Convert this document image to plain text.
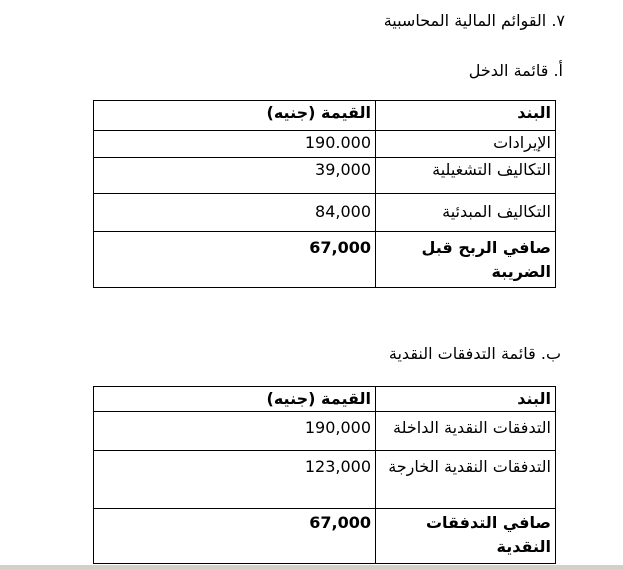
٧. القوائم المالية المحاسبية
أ. قائمة الدخل
البند	القيمة (جنيه)
الإيرادات	190.000
التكاليف التشغيلية	39,000
التكاليف المبدئية	84,000
صافي الربح قبل الضريبة	67,000
ب. قائمة التدفقات النقدية
البند	القيمة (جنيه)
التدفقات النقدية الداخلة	190,000
التدفقات النقدية الخارجة	123,000
صافي التدفقات النقدية	67,000
